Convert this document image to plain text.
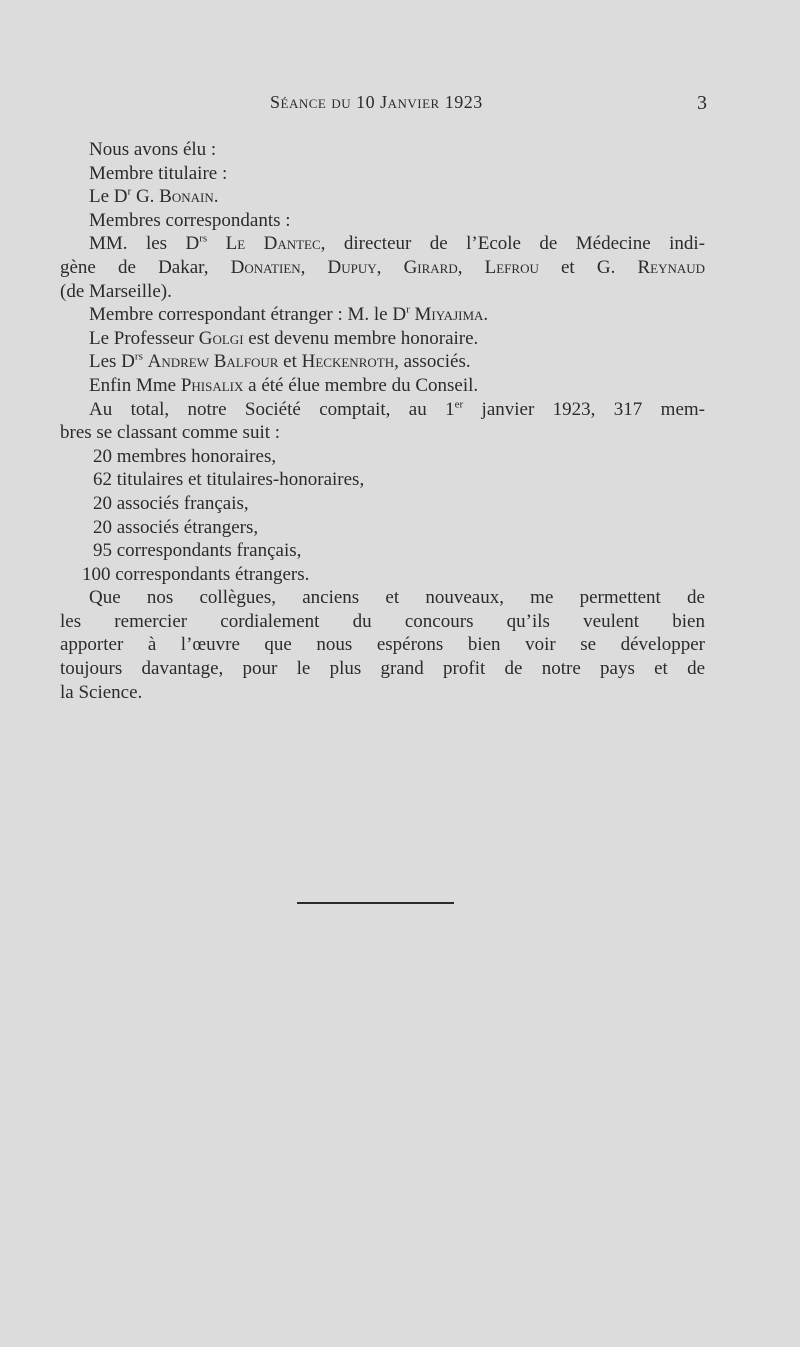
Séance du 10 Janvier 1923	3
Nous avons élu :
Membre titulaire :
Le $D^r$ G. Bonain.
Membres correspondants :
MM. les $D^{rs}$ Le Dantec, directeur de l’Ecole de Médecine indi-
gène de Dakar, Donatien, Dupuy, Girard, Lefrou et G. Reynaud
(de Marseille).
Membre correspondant étranger : M. le $D^r$ Miyajima.
Le Professeur Golgi est devenu membre honoraire.
Les $D^{rs}$ Andrew Balfour et Heckenroth, associés.
Enfin Mme Phisalix a été élue membre du Conseil.
Au total, notre Société comptait, au 1er janvier 1923, 317 mem-
bres se classant comme suit :
20 membres honoraires,
62 titulaires et titulaires-honoraires,
20 associés français,
20 associés étrangers,
95 correspondants français,
100 correspondants étrangers.
Que nos collègues, anciens et nouveaux, me permettent de
les remercier cordialement du concours qu’ils veulent bien
apporter à l’œuvre que nous espérons bien voir se développer
toujours davantage, pour le plus grand profit de notre pays et de
la Science.
